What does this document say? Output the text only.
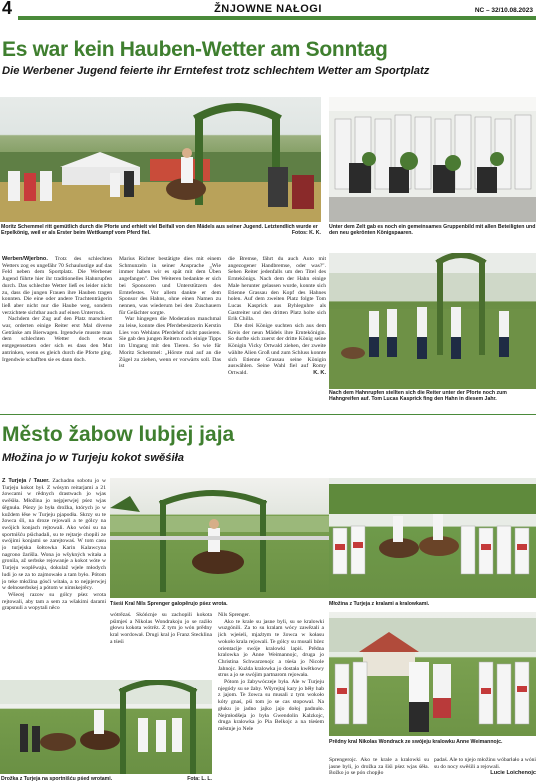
4	ŽNJOWNE NAŁOGI	NC – 32/10.08.2023
Es war kein Hauben-Wetter am Sonntag
Die Werbener Jugend feierte ihr Erntefest trotz schlechtem Wetter am Sportplatz
Moritz Schemmel ritt gemütlich durch die Pforte und erhielt viel Beifall von den Mädels aus seiner Jugend. Letztendlich wurde er Erpelkönig, weil er als Erster beim Wettkampf vom Pferd fiel.	Fotos: K. K.
Unter dem Zelt gab es noch ein gemeinsames Gruppenbild mit allen Beteiligten und den neu gekrönten Königspaaren.

Werben/Wjerbno. Trotz des schlechten Wetters zog es ungefähr 70 Schaulustige auf das Feld neben dem Sportplatz. Die Werbener Jugend führte hier ihr traditionelles Hahnrupfen durch. Das schlechte Wetter ließ es leider nicht zu, dass die jungen Frauen ihre Hauben tragen konnten. Die eine oder andere Trachtenträgerin ließ aber nicht nur die Haube weg, sondern verzichtete sichtbar auch auf einen Unterrock.

Nachdem der Zug auf den Platz marschiert war, orderten einige Reiter erst Mal diverse Getränke am Bierwagen. Irgendwie musste man dem schlechten Wetter doch etwas entgegensetzen oder sich es dass den Mut antrinken, wenn es gleich durch die Pforte ging. Irgendwie schafften sie es dann doch.

Marius Richter bestätigte dies mit einem Schmunzeln in seiner Ansprache „Wie immer haben wir es spät mit dem Üben angefangen". Des Weiteren bedankte er sich bei Sponsoren und Unterstützern des Erntefestes. Vor allem dankte er dem Sponsor des Hahns, ohne einen Namen zu nennen, was wiederum bei den Zuschauern für Gelächter sorgte.

War hingegen die Moderation manchmal zu leise, konnte dies Pferdebesitzerin Kerstin Lies von Wehlans Pferdehof nicht passieren. Sie gab den jungen Reitern noch einige Tipps im Umgang mit den Tieren. So wie für Moritz Schemmel: „Hörste mal auf an die Zügel zu ziehen, wenn er vorwärts soll. Das ist

die Bremse, fährt du auch Auto mit angezogener Handbremse, oder was?". Sehen Reiter jedenfalls um den Titel des Erntekönigs. Nach dem der Hahn einige Male herunter gelassen wurde, konnte sich Etienne Grassau den Kopf des Hahnes holen. Auf dem zweiten Platz folgte Tom Lucas Kasprick aus Byhleguhre als Gastreiter und den dritten Platz holte sich Erik Chilla.

Die drei Könige suchten sich aus dem Kreis der neun Mädels ihre Erntekönigin. So durfte sich zuerst der dritte König seine Königin Vicky Ortwald ziehen, der zweite wählte Alien Groß und zum Schluss konnte sich Etienne Grassau seine Königin auswählen. Seine Wahl fiel auf Romy Ortwald.	K. K.

Nach dem Hahnrupfen stellten sich die Reiter unter der Pforte noch zum Hahngreifen auf. Tom Lucas Kasprick fing den Hahn in diesem Jahr.
Město žabow lubjej jaja
Młožina jo w Turjeju kokot swěśiła

Z Turjeja / Tauer. Zachadnu sobotu jo w Turjeju kokot był. Z wósym reitarjami a 21 żowcami w rědnych drastwach jo wjas swěśiła. Młožina jo nejpjerwjej pśez wjas śěgnuła. Pśezy jo była drožka, których jo w kuždem łěse w Turjeju pjapodła. Skrzy su te žowca śli, na droze rejowali a te gólcy na swójich konjach rejtowali. Ako wóni su na sportnišću pśichadali, su te rejtarje chopili ze swójimi konjami se zarejtowaś. W tom casu jo turjejska šołtowka Karin Kalawcyna nagrono žarišla. Wona jo wšykných wítała a gronila, až serbske rejowanje a kokot wóte w Turjeju woplěwaju, dokulaž wjele młodych ludi jo se za to zajmowało a tam było. Pótom jo teke młožina gósći witała, a to nejpjerwjej w delnoserbskej a pótom w nimskejrěcy.

Wšecej razow su gólcy pśez wrota rejtowali, aby tam a sem za wšakimi darami grapsnuli a wopytali něco

Tśeśi Kral Nils Sprenger galopěrujo pśez wrota.	Młožina z Turjeja z kralami a kralowkami.

wótrězaś. Skóńcnje su zachopili kokota pśimjeś a Nikolas Wondrakoju jo se raźiło głowu kokota wótrěz. Z tym jo wón prědny kral wordował. Drugi kral jo Franz Stecklina a tśeśi

Nils Sprenger.

Ako te krale su jasne byli, su se kralowki wuzgónili. Za to su kralam wócy zawězali a jich wjeśeli, mjaźtym te žowca w kołasu wokoło krala rejowali. Te gólcy su musali bźez orientacije swóje kralowki lapiś. Prědna kralowka jo Anne Weimannojc, druga jo Christina Schwarzenojc a tśeśa jo Nicole Jahnojc. Kuźda kralowka jo dostała kwětkowy strus a jo se swójim partnarom rejowała.

Pótom jo žabywóczeje była. Ale w Turjeju njegódy su se žaby. Wšyrejtaj kary jo běły hab z jajom. Te žowca su musali z tym wokoło kóty gnaś, pśi tom jo se cas stopowal. Na głuku jo jadno jajko jajo dołoj padnuło. Nejmłodšeja jo była Gwendolin Kalzkojc, druga kralowka jo Pia Belkojc a na tśeśem městnje jo Nele

Drožka z Turjeja na sportnišću pśed wrotami.	Fota: L. L.
Prědny kral Nikolas Wondrack ze swójeju kralowku Anne Weimannojc.

Sprengerojc. Ako te krale a kralowki su jasne byli, jo drožka za šiśi pśez wjas śěła. Božko jo se pón chopjło

padaś. Ale to njejo młožinu wóbarłało a wóni su do nocy swěśili a rejowali.
Lucie Loichenojc
